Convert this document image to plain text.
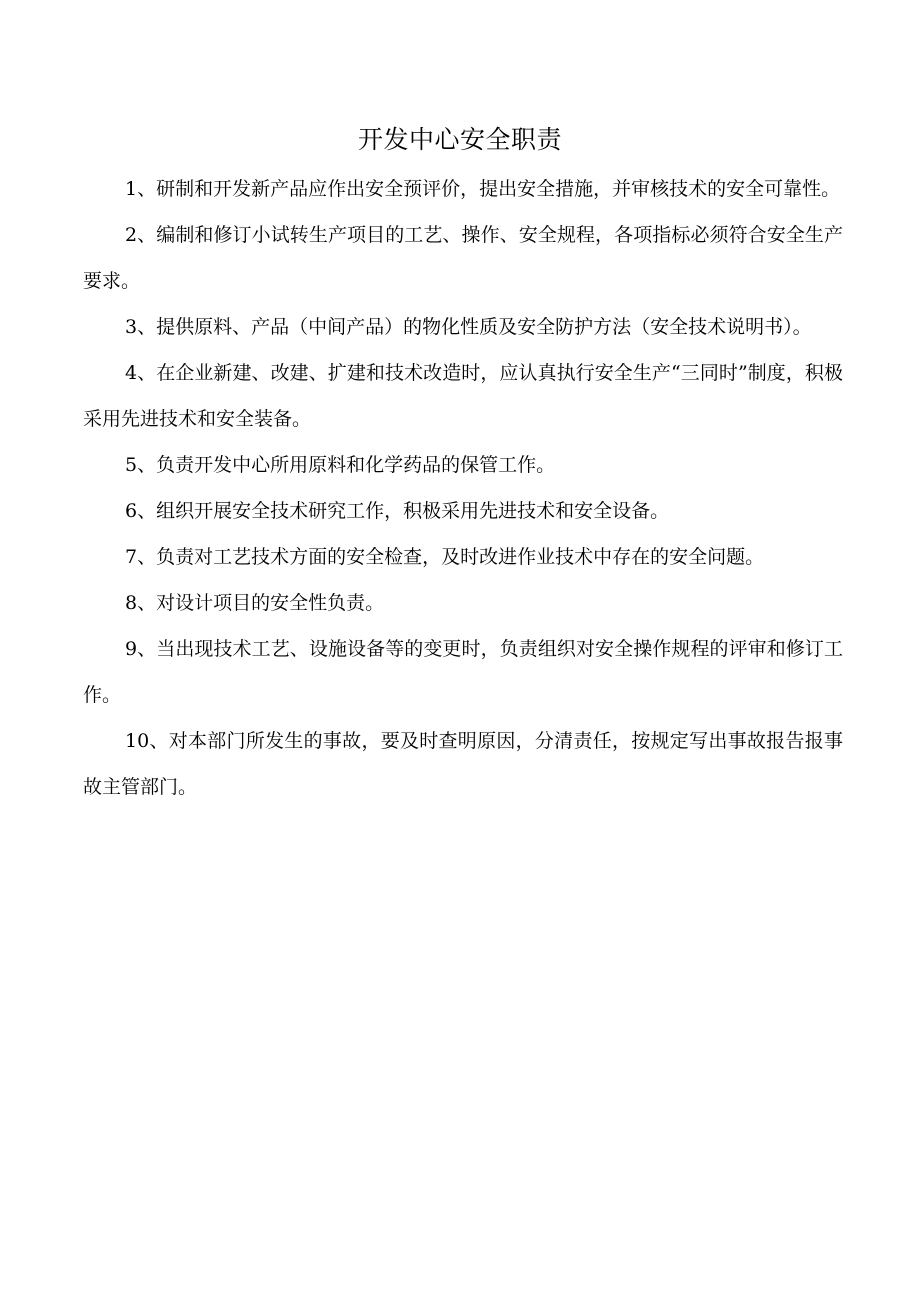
开发中心安全职责

1、研制和开发新产品应作出安全预评价，提出安全措施，并审核技术的安全可靠性。

2、编制和修订小试转生产项目的工艺、操作、安全规程，各项指标必须符合安全生产要求。

3、提供原料、产品（中间产品）的物化性质及安全防护方法（安全技术说明书）。

4、在企业新建、改建、扩建和技术改造时，应认真执行安全生产“三同时”制度，积极采用先进技术和安全装备。

5、负责开发中心所用原料和化学药品的保管工作。

6、组织开展安全技术研究工作，积极采用先进技术和安全设备。

7、负责对工艺技术方面的安全检查，及时改进作业技术中存在的安全问题。

8、对设计项目的安全性负责。

9、当出现技术工艺、设施设备等的变更时，负责组织对安全操作规程的评审和修订工作。

10、对本部门所发生的事故，要及时查明原因，分清责任，按规定写出事故报告报事故主管部门。
